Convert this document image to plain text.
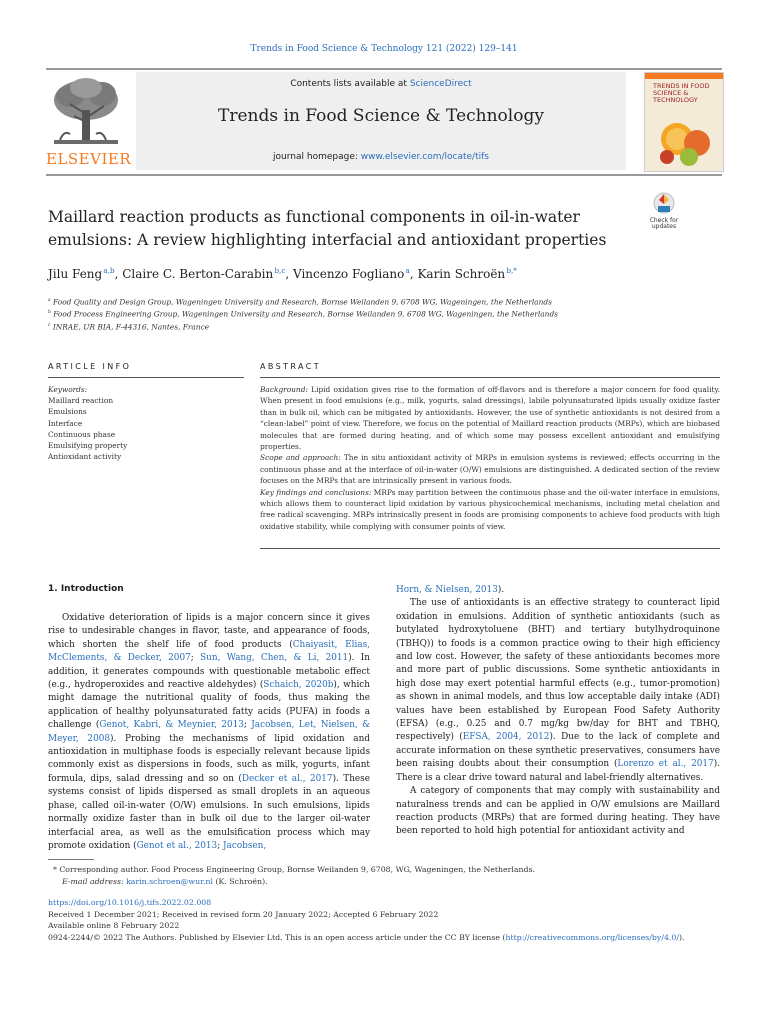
Trends in Food Science & Technology 121 (2022) 129–141
ELSEVIER
Contents lists available at ScienceDirect
Trends in Food Science & Technology
journal homepage: www.elsevier.com/locate/tifs
TRENDS IN FOOD SCIENCE & TECHNOLOGY
Check for
updates
Maillard reaction products as functional components in oil-in-water emulsions: A review highlighting interfacial and antioxidant properties
Jilu Feng $^{a,b}$, Claire C. Berton-Carabin $^{b,c}$, Vincenzo Fogliano $^a$, Karin Schroën $^{b,*}$
$^a$ Food Quality and Design Group, Wageningen University and Research, Bornse Weilanden 9, 6708 WG, Wageningen, the Netherlands
$^b$ Food Process Engineering Group, Wageningen University and Research, Bornse Weilanden 9, 6708 WG, Wageningen, the Netherlands
$^c$ INRAE, UR BIA, F-44316, Nantes, France
ARTICLE INFO	ABSTRACT
Keywords:
Maillard reaction
Emulsions
Interface
Continuous phase
Emulsifying property
Antioxidant activity
Background: Lipid oxidation gives rise to the formation of off-flavors and is therefore a major concern for food quality. When present in food emulsions (e.g., milk, yogurts, salad dressings), labile polyunsaturated lipids usually oxidize faster than in bulk oil, which can be mitigated by antioxidants. However, the use of synthetic antioxidants is not desired from a “clean-label” point of view. Therefore, we focus on the potential of Maillard reaction products (MRPs), which are biobased molecules that are formed during heating, and of which some may possess excellent antioxidant and emulsifying properties.
Scope and approach: The in situ antioxidant activity of MRPs in emulsion systems is reviewed; effects occurring in the continuous phase and at the interface of oil-in-water (O/W) emulsions are distinguished. A dedicated section of the review focuses on the MRPs that are intrinsically present in various foods.
Key findings and conclusions: MRPs may partition between the continuous phase and the oil-water interface in emulsions, which allows them to counteract lipid oxidation by various physicochemical mechanisms, including metal chelation and free radical scavenging. MRPs intrinsically present in foods are promising components to achieve food products with high oxidative stability, while complying with consumer points of view.
1. Introduction

Oxidative deterioration of lipids is a major concern since it gives rise to undesirable changes in flavor, taste, and appearance of foods, which shorten the shelf life of food products (Chaiyasit, Elias, McClements, & Decker, 2007; Sun, Wang, Chen, & Li, 2011). In addition, it generates compounds with questionable metabolic effect (e.g., hydroperoxides and reactive aldehydes) (Schaich, 2020b), which might damage the nutritional quality of foods, thus making the application of healthy polyunsaturated fatty acids (PUFA) in foods a challenge (Genot, Kabri, & Meynier, 2013; Jacobsen, Let, Nielsen, & Meyer, 2008). Probing the mechanisms of lipid oxidation and antioxidation in multiphase foods is especially relevant because lipids commonly exist as dispersions in foods, such as milk, yogurts, infant formula, dips, salad dressing and so on (Decker et al., 2017). These systems consist of lipids dispersed as small droplets in an aqueous phase, called oil-in-water (O/W) emulsions. In such emulsions, lipids normally oxidize faster than in bulk oil due to the larger oil-water interfacial area, as well as the emulsification process which may promote oxidation (Genot et al., 2013; Jacobsen,

Horn, & Nielsen, 2013).

The use of antioxidants is an effective strategy to counteract lipid oxidation in emulsions. Addition of synthetic antioxidants (such as butylated hydroxytoluene (BHT) and tertiary butylhydroquinone (TBHQ)) to foods is a common practice owing to their high efficiency and low cost. However, the safety of these antioxidants becomes more and more part of public discussions. Some synthetic antioxidants in high dose may exert potential harmful effects (e.g., tumor-promotion) as shown in animal models, and thus low acceptable daily intake (ADI) values have been established by European Food Safety Authority (EFSA) (e.g., 0.25 and 0.7 mg/kg bw/day for BHT and TBHQ, respectively) (EFSA, 2004, 2012). Due to the lack of complete and accurate information on these synthetic preservatives, consumers have been raising doubts about their consumption (Lorenzo et al., 2017). There is a clear drive toward natural and label-friendly alternatives.

A category of components that may comply with sustainability and naturalness trends and can be applied in O/W emulsions are Maillard reaction products (MRPs) that are formed during heating. They have been reported to hold high potential for antioxidant activity and

* Corresponding author. Food Process Engineering Group, Bornse Weilanden 9, 6708, WG, Wageningen, the Netherlands.
E-mail address: karin.schroen@wur.nl (K. Schroën).
https://doi.org/10.1016/j.tifs.2022.02.008
Received 1 December 2021; Received in revised form 20 January 2022; Accepted 6 February 2022
Available online 8 February 2022
0924-2244/© 2022 The Authors. Published by Elsevier Ltd. This is an open access article under the CC BY license (http://creativecommons.org/licenses/by/4.0/).
